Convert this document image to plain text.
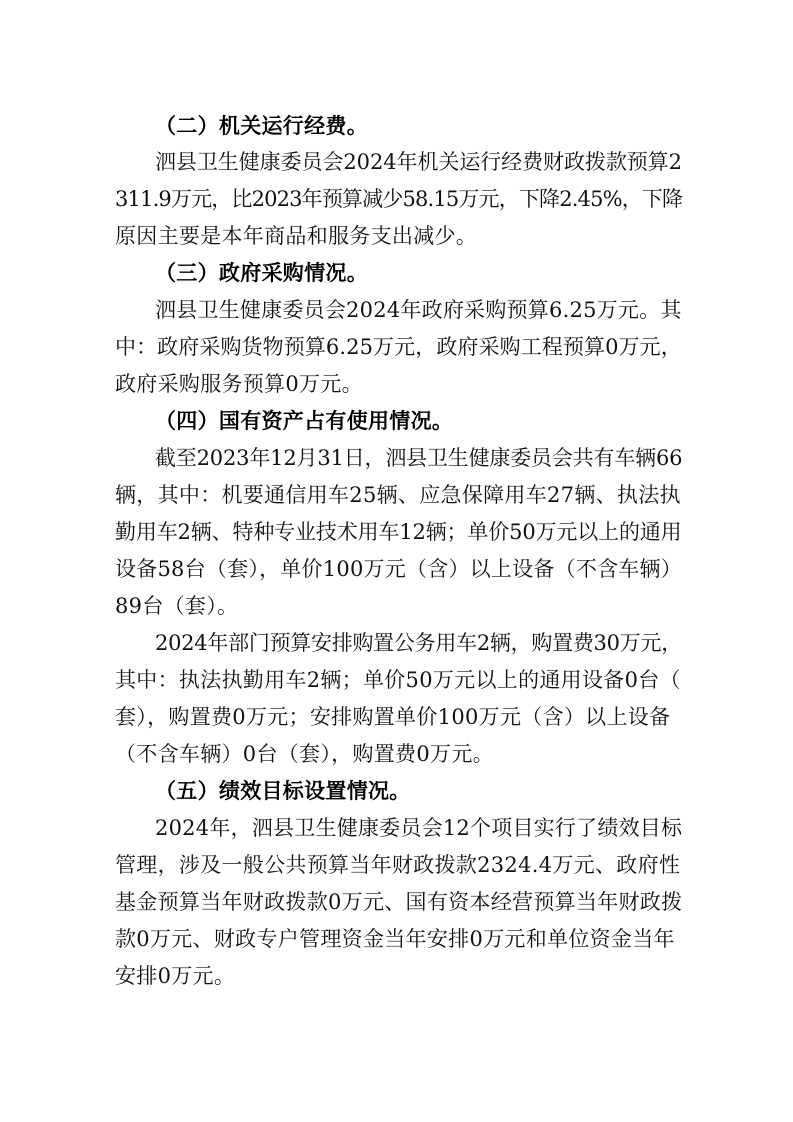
（二）机关运行经费。
泗县卫生健康委员会2024年机关运行经费财政拨款预算2
311.9万元，比2023年预算减少58.15万元，下降2.45%，下降
原因主要是本年商品和服务支出减少。
（三）政府采购情况。
泗县卫生健康委员会2024年政府采购预算6.25万元。其
中：政府采购货物预算6.25万元，政府采购工程预算0万元，
政府采购服务预算0万元。
（四）国有资产占有使用情况。
截至2023年12月31日，泗县卫生健康委员会共有车辆66
辆，其中：机要通信用车25辆、应急保障用车27辆、执法执
勤用车2辆、特种专业技术用车12辆；单价50万元以上的通用
设备58台（套），单价100万元（含）以上设备（不含车辆）
89台（套）。
2024年部门预算安排购置公务用车2辆，购置费30万元，
其中：执法执勤用车2辆；单价50万元以上的通用设备0台（
套），购置费0万元；安排购置单价100万元（含）以上设备
（不含车辆）0台（套），购置费0万元。
（五）绩效目标设置情况。
2024年，泗县卫生健康委员会12个项目实行了绩效目标
管理，涉及一般公共预算当年财政拨款2324.4万元、政府性
基金预算当年财政拨款0万元、国有资本经营预算当年财政拨
款0万元、财政专户管理资金当年安排0万元和单位资金当年
安排0万元。
